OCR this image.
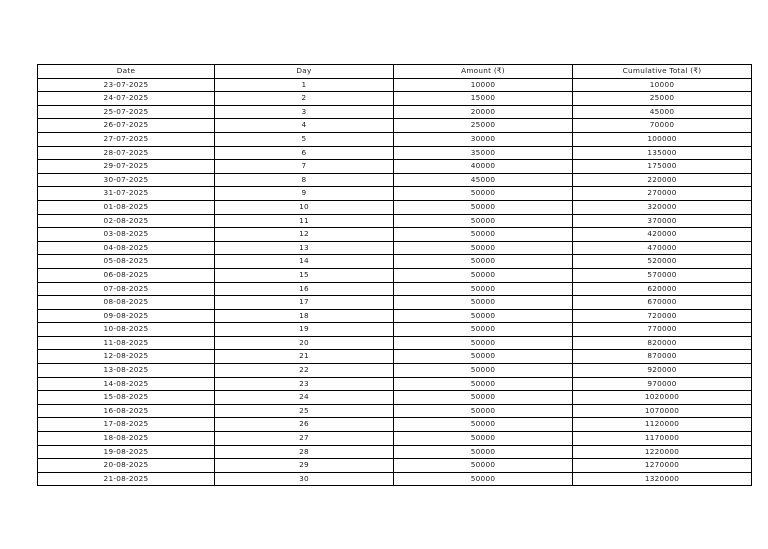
Date	Day	Amount (₹)	Cumulative Total (₹)
23-07-2025	1	10000	10000
24-07-2025	2	15000	25000
25-07-2025	3	20000	45000
26-07-2025	4	25000	70000
27-07-2025	5	30000	100000
28-07-2025	6	35000	135000
29-07-2025	7	40000	175000
30-07-2025	8	45000	220000
31-07-2025	9	50000	270000
01-08-2025	10	50000	320000
02-08-2025	11	50000	370000
03-08-2025	12	50000	420000
04-08-2025	13	50000	470000
05-08-2025	14	50000	520000
06-08-2025	15	50000	570000
07-08-2025	16	50000	620000
08-08-2025	17	50000	670000
09-08-2025	18	50000	720000
10-08-2025	19	50000	770000
11-08-2025	20	50000	820000
12-08-2025	21	50000	870000
13-08-2025	22	50000	920000
14-08-2025	23	50000	970000
15-08-2025	24	50000	1020000
16-08-2025	25	50000	1070000
17-08-2025	26	50000	1120000
18-08-2025	27	50000	1170000
19-08-2025	28	50000	1220000
20-08-2025	29	50000	1270000
21-08-2025	30	50000	1320000
